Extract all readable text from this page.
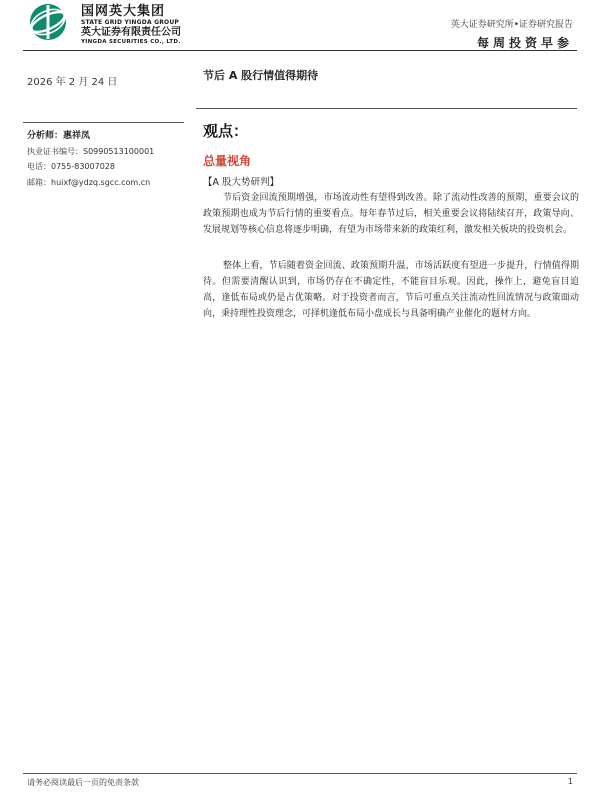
国网英大集团
STATE GRID YINGDA GROUP
英大证券有限责任公司
YINGDA SECURITIES CO., LTD.
英大证券研究所•证券研究报告
每周投资早参
2026 年 2 月 24 日
节后 A 股行情值得期待
分析师：惠祥凤
执业证书编号：S0990513100001
电话：0755-83007028
邮箱：huixf@ydzq.sgcc.com.cn
观点：
总量视角
【A 股大势研判】

节后资金回流预期增强，市场流动性有望得到改善。除了流动性改善的预期，重要会议的政策预期也成为节后行情的重要看点。每年春节过后，相关重要会议将陆续召开，政策导向、发展规划等核心信息将逐步明确，有望为市场带来新的政策红利，激发相关板块的投资机会。

整体上看，节后随着资金回流、政策预期升温，市场活跃度有望进一步提升，行情值得期待。但需要清醒认识到，市场仍存在不确定性，不能盲目乐观。因此，操作上，避免盲目追高，逢低布局或仍是占优策略。对于投资者而言，节后可重点关注流动性回流情况与政策面动向，秉持理性投资理念，可择机逢低布局小盘成长与具备明确产业催化的题材方向。

请务必阅读最后一页的免责条款	1
